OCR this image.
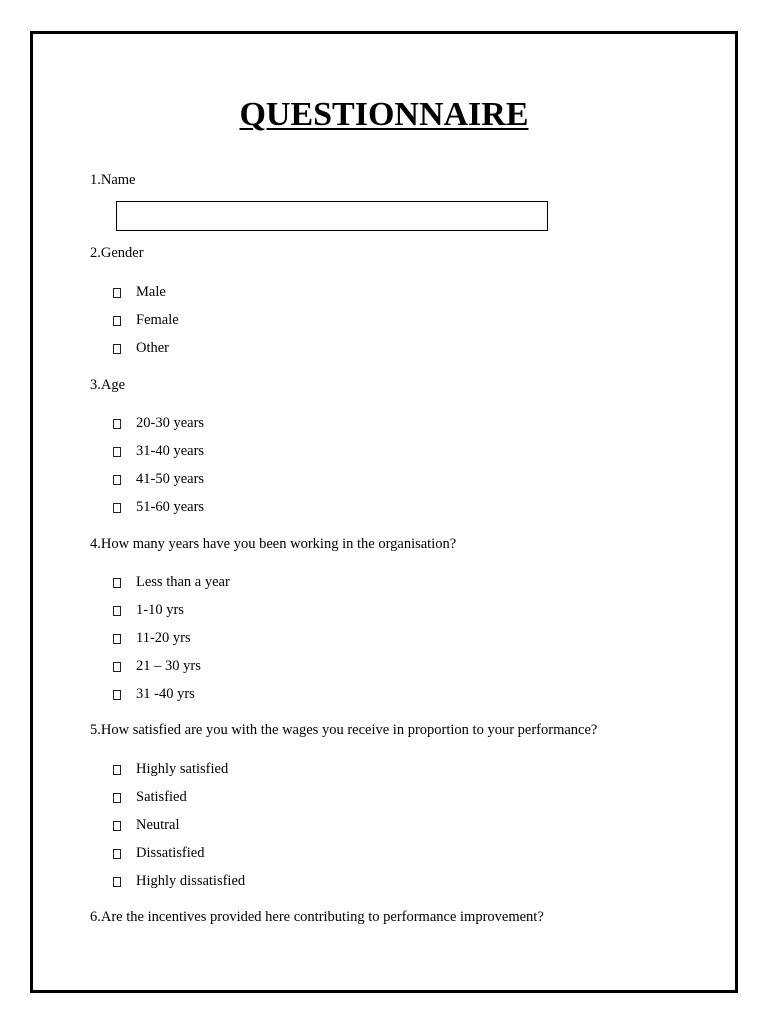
QUESTIONNAIRE
1.Name
2.Gender
Male
Female
Other
3.Age
20-30 years
31-40 years
41-50 years
51-60 years
4.How many years have you been working in the organisation?
Less than a year
1-10 yrs
11-20 yrs
21 – 30 yrs
31 -40 yrs
5.How satisfied are you with the wages you receive in proportion to your performance?
Highly satisfied
Satisfied
Neutral
Dissatisfied
Highly dissatisfied
6.Are the incentives provided here contributing to performance improvement?
